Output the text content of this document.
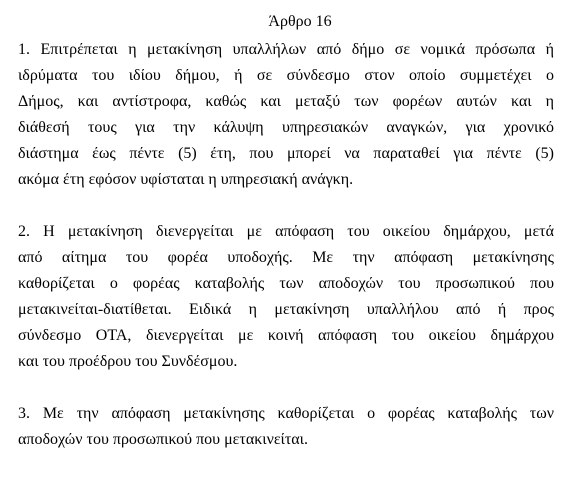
Άρθρο 16
1. Επιτρέπεται η μετακίνηση υπαλλήλων από δήμο σε νομικά πρόσωπα ή
ιδρύματα του ιδίου δήμου, ή σε σύνδεσμο στον οποίο συμμετέχει ο
Δήμος, και αντίστροφα, καθώς και μεταξύ των φορέων αυτών και η
διάθεσή τους για την κάλυψη υπηρεσιακών αναγκών, για χρονικό
διάστημα έως πέντε (5) έτη, που μπορεί να παραταθεί για πέντε (5)
ακόμα έτη εφόσον υφίσταται η υπηρεσιακή ανάγκη.
2. Η μετακίνηση διενεργείται με απόφαση του οικείου δημάρχου, μετά
από αίτημα του φορέα υποδοχής. Με την απόφαση μετακίνησης
καθορίζεται ο φορέας καταβολής των αποδοχών του προσωπικού που
μετακινείται-διατίθεται. Ειδικά η μετακίνηση υπαλλήλου από ή προς
σύνδεσμο ΟΤΑ, διενεργείται με κοινή απόφαση του οικείου δημάρχου
και του προέδρου του Συνδέσμου.
3. Με την απόφαση μετακίνησης καθορίζεται ο φορέας καταβολής των
αποδοχών του προσωπικού που μετακινείται.
